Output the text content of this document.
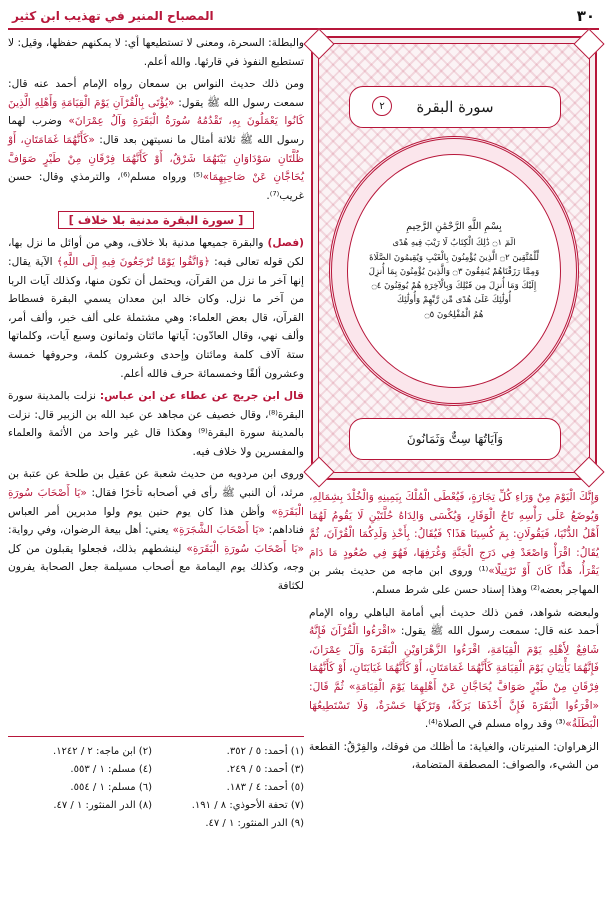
٣٠
المصباح المنير في تهذيب ابن كثير
سورة البقرة
٢
بِسْمِ اللَّهِ الرَّحْمَٰنِ الرَّحِيمِ
الٓمٓ ۝١ ذَٰلِكَ الْكِتَابُ لَا رَيْبَ فِيهِ هُدًى
لِّلْمُتَّقِينَ ۝٢ الَّذِينَ يُؤْمِنُونَ بِالْغَيْبِ وَيُقِيمُونَ الصَّلَاةَ
وَمِمَّا رَزَقْنَاهُمْ يُنفِقُونَ ۝٣ وَالَّذِينَ يُؤْمِنُونَ بِمَا أُنزِلَ
إِلَيْكَ وَمَا أُنزِلَ مِن قَبْلِكَ وَبِالْآخِرَةِ هُمْ يُوقِنُونَ ۝٤
أُولَٰئِكَ عَلَىٰ هُدًى مِّن رَّبِّهِمْ وَأُولَٰئِكَ
هُمُ الْمُفْلِحُونَ ۝٥
وَآيَاتُهَا سِتٌّ وَثَمَانُونَ

والبطلة: السحرة، ومعنى لا تستطيعها أي: لا يمكنهم حفظها، وقيل: لا تستطيع النفوذ في قارئها. والله أعلم.

ومن ذلك حديث النواس بن سمعان رواه الإمام أحمد عنه قال: سمعت رسول الله ﷺ يقول: «يُؤْتَى بِالْقُرْآنِ يَوْمَ الْقِيَامَةِ وَأَهْلِهِ الَّذِينَ كَانُوا يَعْمَلُونَ بِهِ، تَقْدُمُهُ سُورَةُ الْبَقَرَةِ وَآلُ عِمْرَانَ» وضرب لهما رسول الله ﷺ ثلاثة أمثال ما نسيتهن بعد قال: «كَأَنَّهُمَا غَمَامَتَانِ، أَوْ ظُلَّتَانِ سَوْدَاوَانِ بَيْنَهُمَا شَرْقٌ، أَوْ كَأَنَّهُمَا فِرْقَانِ مِنْ طَيْرٍ صَوَافَّ يُحَاجَّانِ عَنْ صَاحِبِهِمَا»⁽⁵⁾ ورواه مسلم⁽⁶⁾، والترمذي وقال: حسن غريب⁽⁷⁾.

[ سورة البقرة مدنية بلا خلاف ]

(فصل) والبقرة جميعها مدنية بلا خلاف، وهي من أوائل ما نزل بها، لكن قوله تعالى فيه: ﴿وَاتَّقُوا يَوْمًا تُرْجَعُونَ فِيهِ إِلَى اللَّهِ﴾ الآية يقال: إنها آخر ما نزل من القرآن، ويحتمل أن تكون منها، وكذلك آيات الربا من آخر ما نزل. وكان خالد ابن معدان يسمي البقرة فسطاط القرآن، قال بعض العلماء: وهي مشتملة على ألف خبر، وألف أمر، وألف نهي، وقال العادّون: آياتها مائتان وثمانون وسبع آيات، وكلماتها ستة آلاف كلمة ومائتان وإحدى وعشرون كلمة، وحروفها خمسة وعشرون ألفًا وخمسمائة حرف فالله أعلم.

قال ابن جريج عن عطاء عن ابن عباس: نزلت بالمدينة سورة البقرة⁽⁸⁾، وقال خصيف عن مجاهد عن عبد الله بن الزبير قال: نزلت بالمدينة سورة البقرة⁽⁹⁾ وهكذا قال غير واحد من الأئمة والعلماء والمفسرين ولا خلاف فيه.

وروى ابن مردويه من حديث شعبة عن عقيل بن طلحة عن عتبة بن مرثد، أن النبي ﷺ رأى في أصحابه تأخرًا فقال: «يَا أَصْحَابَ سُورَةِ الْبَقَرَةِ» وأظن هذا كان يوم حنين يوم ولوا مدبرين أمر العباس فناداهم: «يَا أَصْحَابَ الشَّجَرَةِ» يعني: أهل بيعة الرضوان، وفي رواية: «يَا أَصْحَابَ سُورَةِ الْبَقَرَةِ» لينشطهم بذلك، فجعلوا يقبلون من كل وجه، وكذلك يوم اليمامة مع أصحاب مسيلمة جعل الصحابة يفرون لكثافة

(١) أحمد: ٥ / ٣٥٢.
(٢) ابن ماجه: ٢ / ١٢٤٢.
(٣) أحمد: ٥ / ٢٤٩.
(٤) مسلم: ١ / ٥٥٣.
(٥) أحمد: ٤ / ١٨٣.
(٦) مسلم: ١ / ٥٥٤.
(٧) تحفة الأحوذي: ٨ / ١٩١.
(٨) الدر المنثور: ١ / ٤٧.
(٩) الدر المنثور: ١ / ٤٧.

وَإِنَّكَ الْيَوْمَ مِنْ وَرَاءِ كُلِّ تِجَارَةٍ، فَيُعْطَى الْمُلْكَ بِيَمِينِهِ وَالْخُلْدَ بِشِمَالِهِ، وَيُوضَعُ عَلَى رَأْسِهِ تَاجُ الْوَقَارِ، وَيُكْسَى وَالِدَاهُ حُلَّتَيْنِ لَا يَقُومُ لَهُمَا أَهْلُ الدُّنْيَا، فَيَقُولَانِ: بِمَ كُسِينَا هَذَا؟ فَيُقَالُ: بِأَخْذِ وَلَدِكُمَا الْقُرْآنَ، ثُمَّ يُقَالُ: اقْرَأْ وَاصْعَدْ فِي دَرَجِ الْجَنَّةِ وَغُرَفِهَا، فَهُوَ فِي صُعُودٍ مَا دَامَ يَقْرَأُ، هَذًّا كَانَ أَوْ تَرْتِيلًا»⁽¹⁾ وروى ابن ماجه من حديث بشر بن المهاجر بعضه⁽²⁾ وهذا إسناد حسن على شرط مسلم.

ولبعضه شواهد، فمن ذلك حديث أبي أمامة الباهلي رواه الإمام أحمد عنه قال: سمعت رسول الله ﷺ يقول: «اقْرَءُوا الْقُرْآنَ فَإِنَّهُ شَافِعٌ لِأَهْلِهِ يَوْمَ الْقِيَامَةِ، اقْرَءُوا الزَّهْرَاوَيْنِ الْبَقَرَةَ وَآلَ عِمْرَانَ، فَإِنَّهُمَا يَأْتِيَانِ يَوْمَ الْقِيَامَةِ كَأَنَّهُمَا غَمَامَتَانِ، أَوْ كَأَنَّهُمَا غَيَايَتَانِ، أَوْ كَأَنَّهُمَا فِرْقَانِ مِنْ طَيْرٍ صَوَافَّ يُحَاجَّانِ عَنْ أَهْلِهِمَا يَوْمَ الْقِيَامَةِ» ثُمَّ قَالَ: «اقْرَءُوا الْبَقَرَةَ فَإِنَّ أَخْذَهَا بَرَكَةٌ، وَتَرْكَهَا حَسْرَةٌ، وَلَا تَسْتَطِيعُهَا الْبَطَلَةُ»⁽³⁾ وقد رواه مسلم في الصلاة⁽⁴⁾.

الزهراوان: المنيرتان، والغياية: ما أظلك من فوقك، والفِرْقُ: القطعة من الشيء، والصواف: المصطفة المتضامة،
